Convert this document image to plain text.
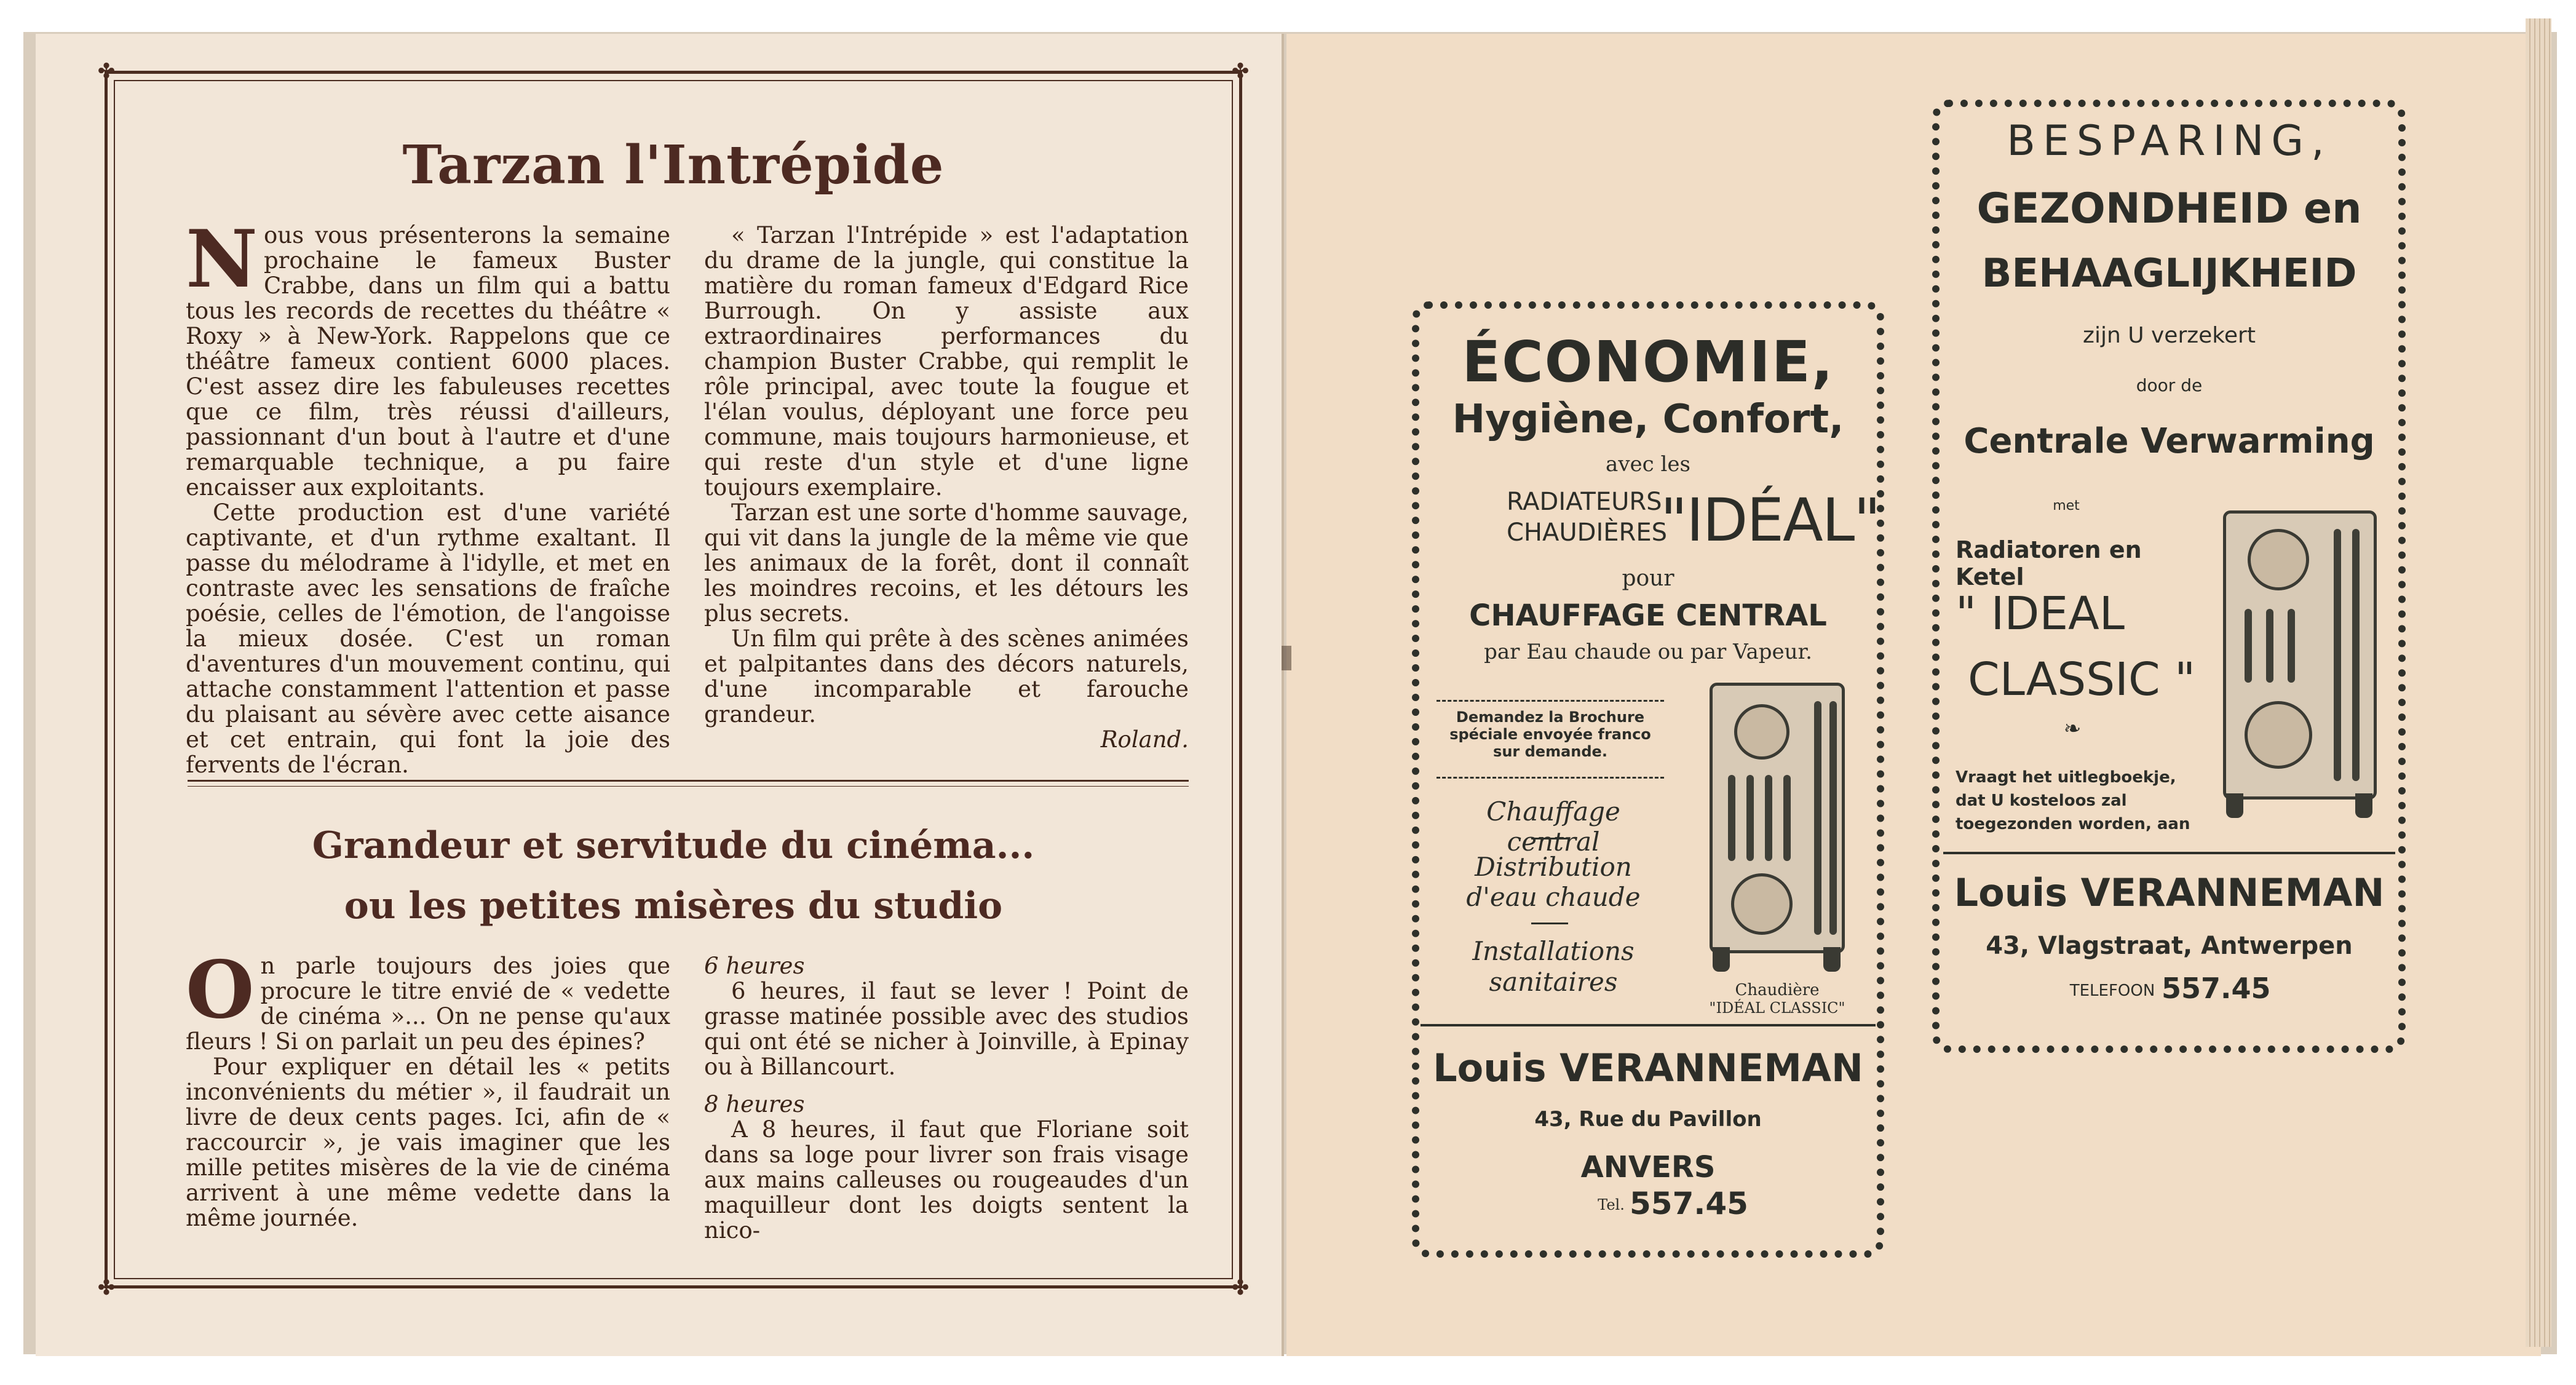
✤	✤
✤	✤
Tarzan l'Intrépide

Nous vous présenterons la semaine prochaine le fameux Buster Crabbe, dans un film qui a battu tous les records de recettes du théâtre « Roxy » à New-York. Rappelons que ce théâtre fameux contient 6000 places. C'est assez dire les fabuleuses recettes que ce film, très réussi d'ailleurs, passionnant d'un bout à l'autre et d'une remarquable technique, a pu faire encaisser aux exploitants.

Cette production est d'une variété captivante, et d'un rythme exaltant. Il passe du mélodrame à l'idylle, et met en contraste avec les sensations de fraîche poésie, celles de l'émotion, de l'angoisse la mieux dosée. C'est un roman d'aventures d'un mouvement continu, qui attache constamment l'attention et passe du plaisant au sévère avec cette aisance et cet entrain, qui font la joie des fervents de l'écran.

« Tarzan l'Intrépide » est l'adaptation du drame de la jungle, qui constitue la matière du roman fameux d'Edgard Rice Burrough. On y assiste aux extraordinaires performances du champion Buster Crabbe, qui remplit le rôle principal, avec toute la fougue et l'élan voulus, déployant une force peu commune, mais toujours harmonieuse, et qui reste d'un style et d'une ligne toujours exemplaire.

Tarzan est une sorte d'homme sauvage, qui vit dans la jungle de la même vie que les animaux de la forêt, dont il connaît les moindres recoins, et les détours les plus secrets.

Un film qui prête à des scènes animées et palpitantes dans des décors naturels, d'une incomparable et farouche grandeur.

Roland.

Grandeur et servitude du cinéma...
ou les petites misères du studio

On parle toujours des joies que procure le titre envié de « vedette de cinéma »... On ne pense qu'aux fleurs ! Si on parlait un peu des épines?

Pour expliquer en détail les « petits inconvénients du métier », il faudrait un livre de deux cents pages. Ici, afin de « raccourcir », je vais imaginer que les mille petites misères de la vie de cinéma arrivent à une même vedette dans la même journée.

6 heures

6 heures, il faut se lever ! Point de grasse matinée possible avec des studios qui ont été se nicher à Joinville, à Epinay ou à Billancourt.

8 heures

A 8 heures, il faut que Floriane soit dans sa loge pour livrer son frais visage aux mains calleuses ou rougeaudes d'un maquilleur dont les doigts sentent la nico-

ÉCONOMIE,
Hygiène, Confort,
avec les
RADIATEURS
CHAUDIÈRES
"IDÉAL"
pour
CHAUFFAGE CENTRAL
par Eau chaude ou par Vapeur.
Demandez la Brochure spéciale envoyée franco sur demande.
Chauffage central
Distribution
d'eau chaude
Installations
sanitaires	Chaudière
"IDÉAL CLASSIC"
Louis VERANNEMAN
43, Rue du Pavillon
ANVERS
Tel. 557.45
BESPARING,
GEZONDHEID en
BEHAAGLIJKHEID
zijn U verzekert
door de
Centrale Verwarming
met
Radiatoren en Ketel
" IDEAL
CLASSIC "
❧
Vraagt het uitlegboekje, dat U kosteloos zal toegezonden worden, aan
Louis VERANNEMAN
43, Vlagstraat, Antwerpen
TELEFOON 557.45
